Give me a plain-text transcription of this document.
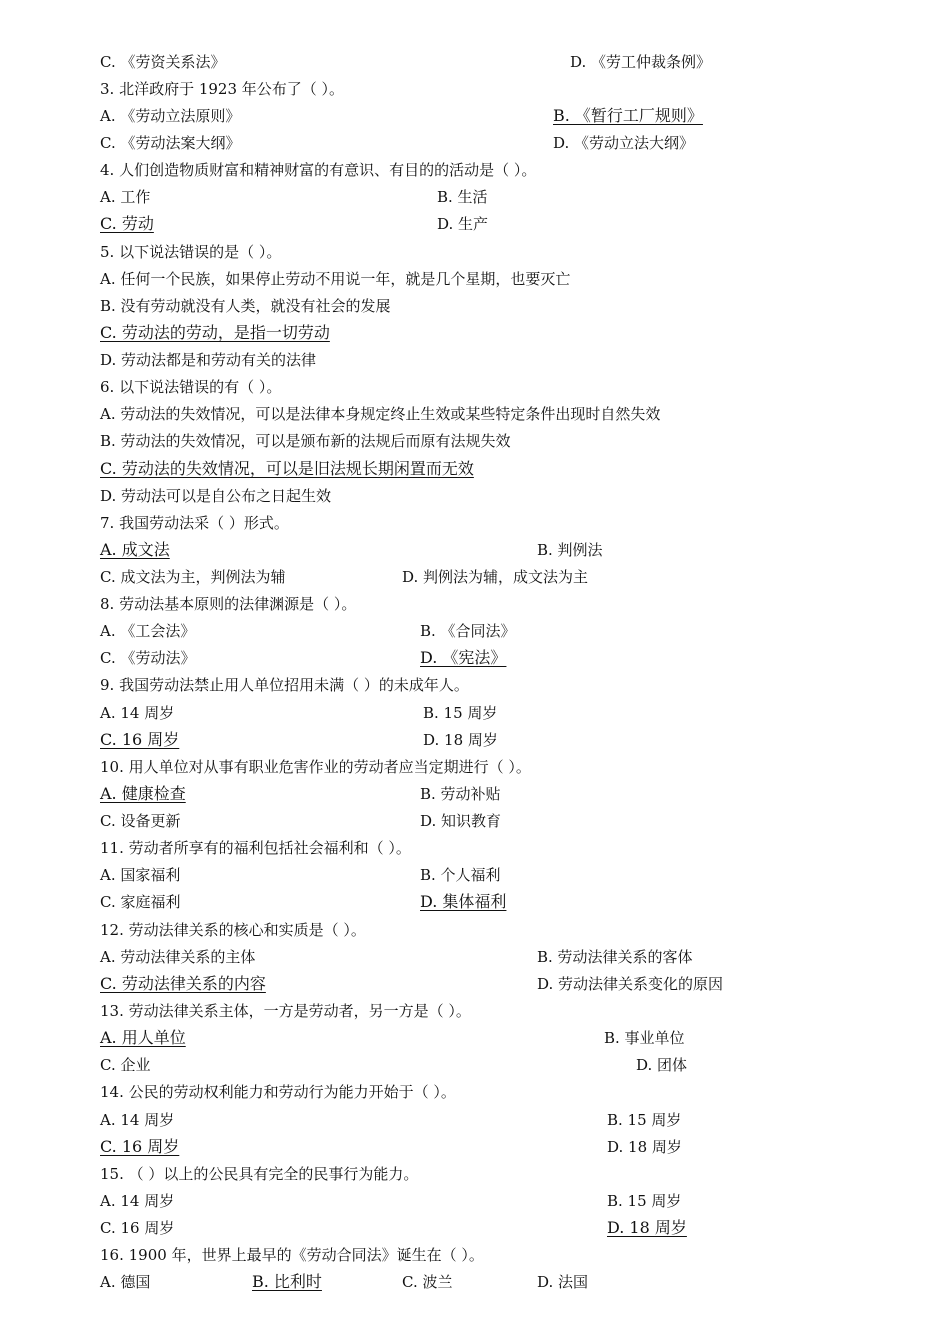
C. 《劳资关系法》	D. 《劳工仲裁条例》
3. 北洋政府于 1923 年公布了（ ）。
A. 《劳动立法原则》	B. 《暂行工厂规则》
C. 《劳动法案大纲》	D. 《劳动立法大纲》
4. 人们创造物质财富和精神财富的有意识、有目的的活动是（ ）。
A. 工作	B. 生活
C. 劳动	D. 生产
5. 以下说法错误的是（ ）。
A. 任何一个民族，如果停止劳动不用说一年，就是几个星期，也要灭亡
B. 没有劳动就没有人类，就没有社会的发展
C. 劳动法的劳动，是指一切劳动
D. 劳动法都是和劳动有关的法律
6. 以下说法错误的有（ ）。
A. 劳动法的失效情况，可以是法律本身规定终止生效或某些特定条件出现时自然失效
B. 劳动法的失效情况，可以是颁布新的法规后而原有法规失效
C. 劳动法的失效情况，可以是旧法规长期闲置而无效
D. 劳动法可以是自公布之日起生效
7. 我国劳动法采（ ）形式。
A. 成文法	B. 判例法
C. 成文法为主，判例法为辅	D. 判例法为辅，成文法为主
8. 劳动法基本原则的法律渊源是（ ）。
A. 《工会法》	B. 《合同法》
C. 《劳动法》	D. 《宪法》
9. 我国劳动法禁止用人单位招用未满（ ）的未成年人。
A. 14 周岁	B. 15 周岁
C. 16 周岁	D. 18 周岁
10. 用人单位对从事有职业危害作业的劳动者应当定期进行（ ）。
A. 健康检查	B. 劳动补贴
C. 设备更新	D. 知识教育
11. 劳动者所享有的福利包括社会福利和（ ）。
A. 国家福利	B. 个人福利
C. 家庭福利	D. 集体福利
12. 劳动法律关系的核心和实质是（ ）。
A. 劳动法律关系的主体	B. 劳动法律关系的客体
C. 劳动法律关系的内容	D. 劳动法律关系变化的原因
13. 劳动法律关系主体，一方是劳动者，另一方是（ ）。
A. 用人单位	B. 事业单位
C. 企业	D. 团体
14. 公民的劳动权利能力和劳动行为能力开始于（ ）。
A. 14 周岁	B. 15 周岁
C. 16 周岁	D. 18 周岁
15. （ ）以上的公民具有完全的民事行为能力。
A. 14 周岁	B. 15 周岁
C. 16 周岁	D. 18 周岁
16. 1900 年，世界上最早的《劳动合同法》诞生在（ ）。
A. 德国	B. 比利时	C. 波兰	D. 法国
